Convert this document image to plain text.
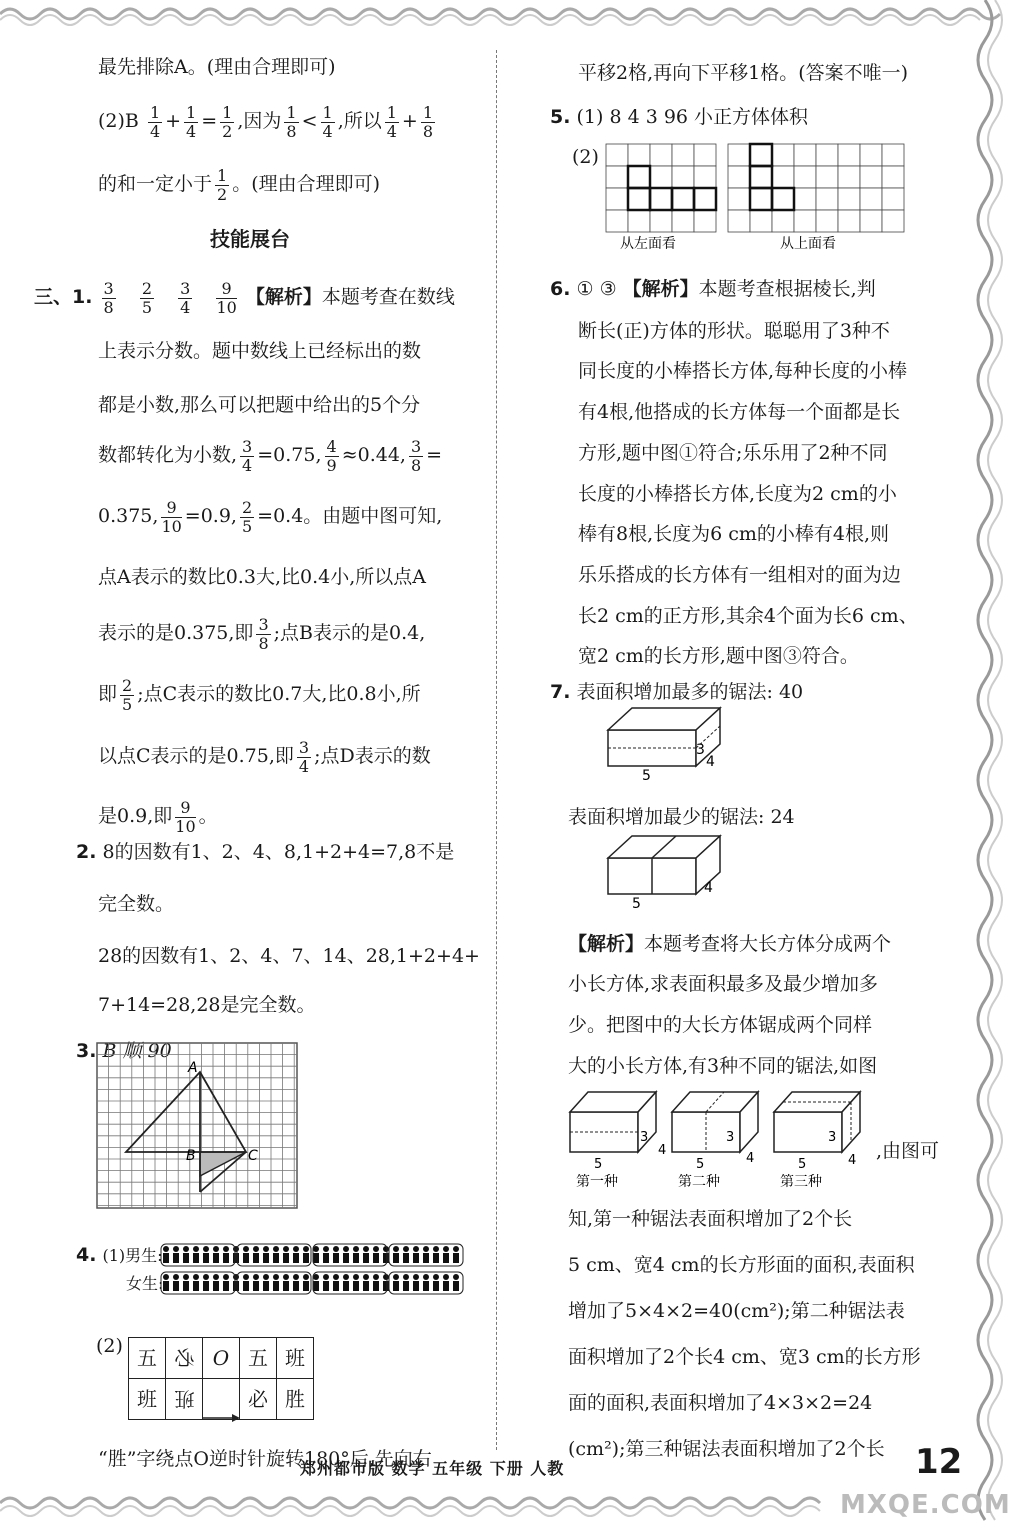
最先排除A。(理由合理即可)
$(2)B \frac{1}{4} + \frac{1}{4} = \frac{1}{2}$ ,因为 $\frac{1}{8} < \frac{1}{4}$ ,所以 $\frac{1}{4} + \frac{1}{8}$
的和一定小于 $\frac{1}{2}$ 。(理由合理即可)
技能展台
三、1. $\frac{3}{8}$
$\frac{2}{5}$
$\frac{3}{4}$
$\frac{9}{10}$ 【解析】本题考查在数线
上表示分数。题中数线上已经标出的数
都是小数,那么可以把题中给出的5个分
数都转化为小数, $\frac{3}{4} =0.75$, $\frac{4}{9} \approx 0.44$, $\frac{3}{8}$ =
0.375, $\frac{9}{10} =0.9$, $\frac{2}{5} =0.4$。由题中图可知,
点A表示的数比0.3大,比0.4小,所以点A
表示的是0.375,即 $\frac{3}{8}$ ;点B表示的是0.4,
即 $\frac{2}{5}$ ;点C表示的数比0.7大,比0.8小,所
以点C表示的是0.75,即 $\frac{3}{4}$ ;点D表示的数
是0.9,即 $\frac{9}{10}$ 。
2. 8的因数有1、2、4、8,1+2+4=7,8不是
完全数。
28的因数有1、2、4、7、14、28,1+2+4+
7+14=28,28是完全数。
3. B 顺 90
A
B	C
4. (1)男生:
女生:
(2) 五	必	O	五	班
班	班		必	胜
“胜”字绕点O逆时针旋转180°后,先向右
平移2格,再向下平移1格。(答案不唯一)
5. (1) 8 4 3 96 小正方体体积
(2)
从左面看	从上面看
6. ① ③ 【解析】本题考查根据棱长,判
断长(正)方体的形状。聪聪用了3种不
同长度的小棒搭长方体,每种长度的小棒
有4根,他搭成的长方体每一个面都是长
方形,题中图①符合;乐乐用了2种不同
长度的小棒搭长方体,长度为2 cm的小
棒有8根,长度为6 cm的小棒有4根,则
乐乐搭成的长方体有一组相对的面为边
长2 cm的正方形,其余4个面为长6 cm、
宽2 cm的长方形,题中图③符合。
7. 表面积增加最多的锯法: 40
3
4
5
表面积增加最少的锯法: 24
5
4
【解析】本题考查将大长方体分成两个
小长方体,求表面积最多及最少增加多
少。把图中的大长方体锯成两个同样
大的小长方体,有3种不同的锯法,如图
3
5
4
第一种
3
5	4
第二种
3
5	4
第三种
,由图可
知,第一种锯法表面积增加了2个长
5 cm、宽4 cm的长方形面的面积,表面积
增加了5×4×2=40(cm²);第二种锯法表
面积增加了2个长4 cm、宽3 cm的长方形
面的面积,表面积增加了4×3×2=24
(cm²);第三种锯法表面积增加了2个长
郑州都市版 数学 五年级 下册 人教	12
MXQE.COM
